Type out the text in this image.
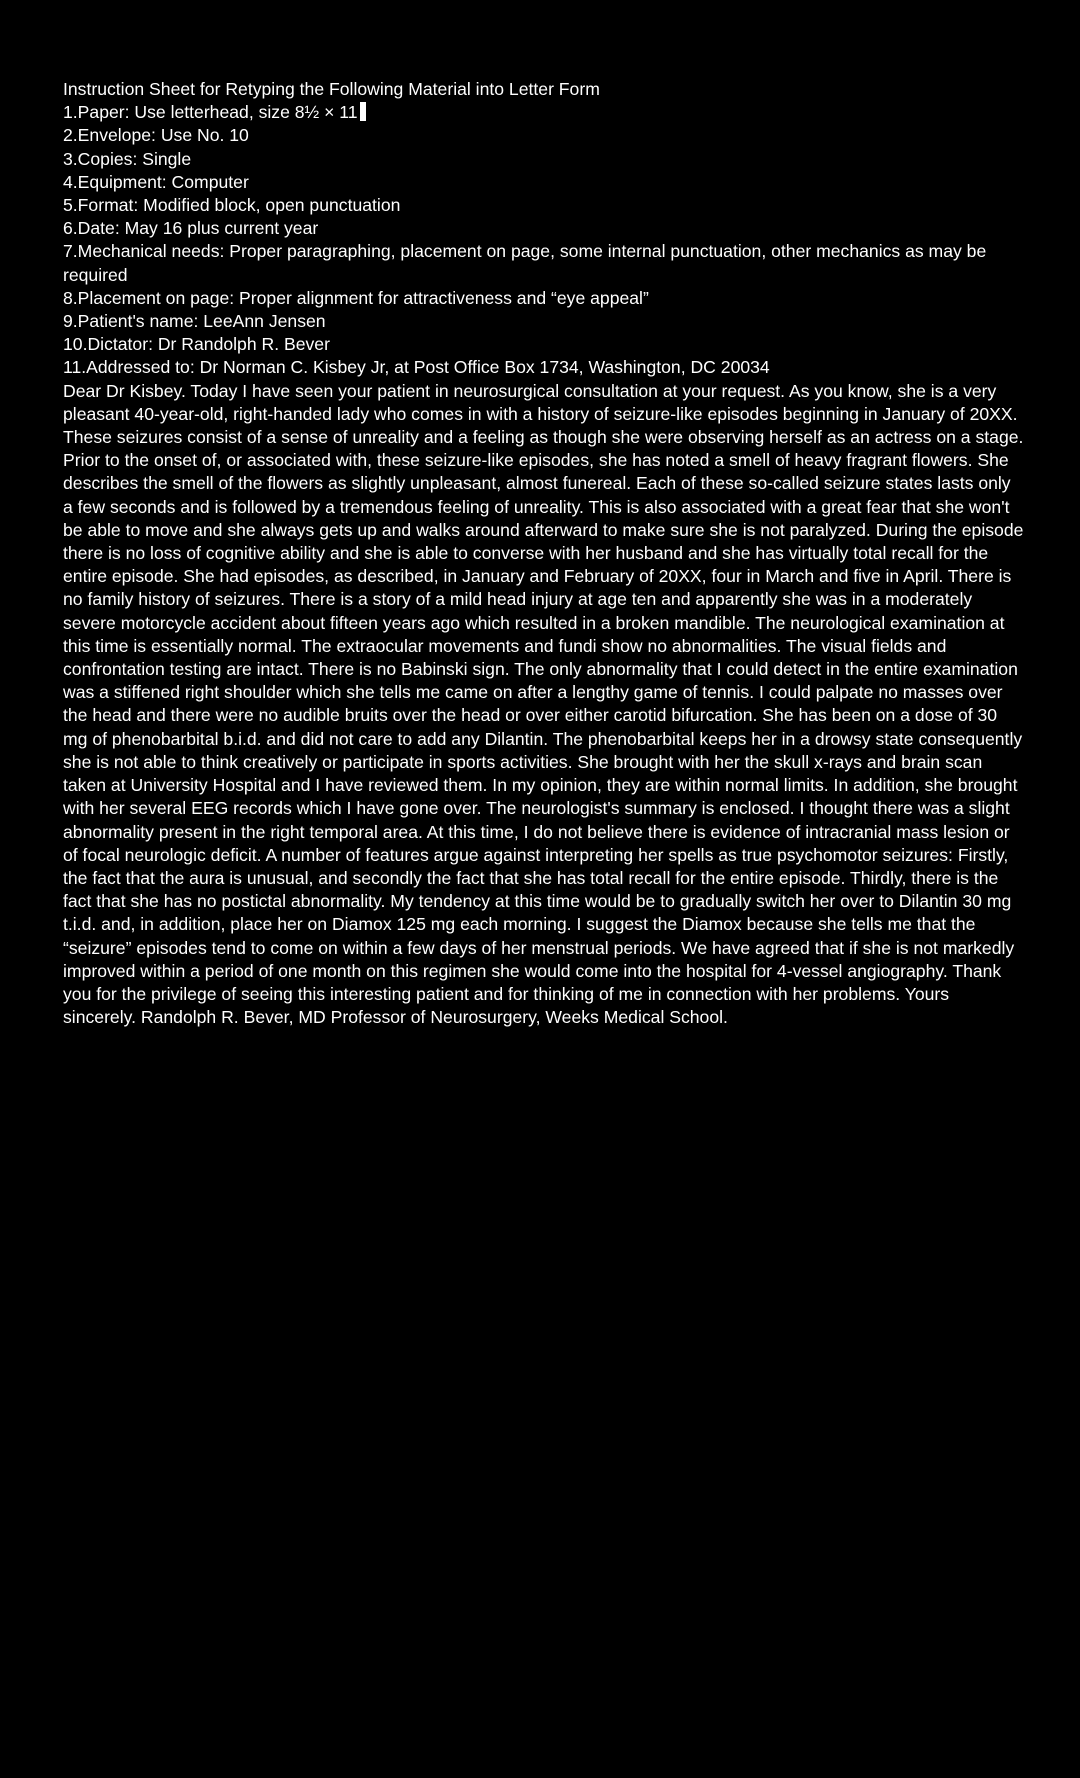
Instruction Sheet for Retyping the Following Material into Letter Form
1.Paper: Use letterhead, size 8½ × 11
2.Envelope: Use No. 10
3.Copies: Single
4.Equipment: Computer
5.Format: Modified block, open punctuation
6.Date: May 16 plus current year
7.Mechanical needs: Proper paragraphing, placement on page, some internal punctuation, other mechanics as may be required
8.Placement on page: Proper alignment for attractiveness and “eye appeal”
9.Patient's name: LeeAnn Jensen
10.Dictator: Dr Randolph R. Bever
11.Addressed to: Dr Norman C. Kisbey Jr, at Post Office Box 1734, Washington, DC 20034

Dear Dr Kisbey. Today I have seen your patient in neurosurgical consultation at your request. As you know, she is a very pleasant 40-year-old, right-handed lady who comes in with a history of seizure-like episodes beginning in January of 20XX. These seizures consist of a sense of unreality and a feeling as though she were observing herself as an actress on a stage. Prior to the onset of, or associated with, these seizure-like episodes, she has noted a smell of heavy fragrant flowers. She describes the smell of the flowers as slightly unpleasant, almost funereal. Each of these so-called seizure states lasts only a few seconds and is followed by a tremendous feeling of unreality. This is also associated with a great fear that she won't be able to move and she always gets up and walks around afterward to make sure she is not paralyzed. During the episode there is no loss of cognitive ability and she is able to converse with her husband and she has virtually total recall for the entire episode. She had episodes, as described, in January and February of 20XX, four in March and five in April. There is no family history of seizures. There is a story of a mild head injury at age ten and apparently she was in a moderately severe motorcycle accident about fifteen years ago which resulted in a broken mandible. The neurological examination at this time is essentially normal. The extraocular movements and fundi show no abnormalities. The visual fields and confrontation testing are intact. There is no Babinski sign. The only abnormality that I could detect in the entire examination was a stiffened right shoulder which she tells me came on after a lengthy game of tennis. I could palpate no masses over the head and there were no audible bruits over the head or over either carotid bifurcation. She has been on a dose of 30 mg of phenobarbital b.i.d. and did not care to add any Dilantin. The phenobarbital keeps her in a drowsy state consequently she is not able to think creatively or participate in sports activities. She brought with her the skull x-rays and brain scan taken at University Hospital and I have reviewed them. In my opinion, they are within normal limits. In addition, she brought with her several EEG records which I have gone over. The neurologist's summary is enclosed. I thought there was a slight abnormality present in the right temporal area. At this time, I do not believe there is evidence of intracranial mass lesion or of focal neurologic deficit. A number of features argue against interpreting her spells as true psychomotor seizures: Firstly, the fact that the aura is unusual, and secondly the fact that she has total recall for the entire episode. Thirdly, there is the fact that she has no postictal abnormality. My tendency at this time would be to gradually switch her over to Dilantin 30 mg t.i.d. and, in addition, place her on Diamox 125 mg each morning. I suggest the Diamox because she tells me that the “seizure” episodes tend to come on within a few days of her menstrual periods. We have agreed that if she is not markedly improved within a period of one month on this regimen she would come into the hospital for 4-vessel angiography. Thank you for the privilege of seeing this interesting patient and for thinking of me in connection with her problems. Yours sincerely. Randolph R. Bever, MD Professor of Neurosurgery, Weeks Medical School.
